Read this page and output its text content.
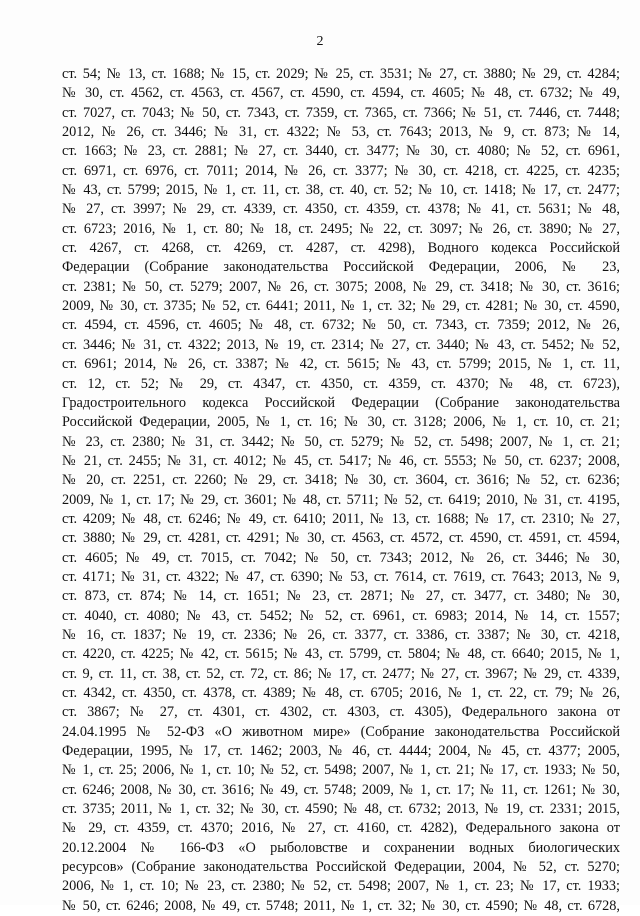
2
ст. 54; № 13, ст. 1688; № 15, ст. 2029; № 25, ст. 3531; № 27, ст. 3880; № 29, ст. 4284;
№ 30, ст. 4562, ст. 4563, ст. 4567, ст. 4590, ст. 4594, ст. 4605; № 48, ст. 6732; № 49,
ст. 7027, ст. 7043; № 50, ст. 7343, ст. 7359, ст. 7365, ст. 7366; № 51, ст. 7446, ст. 7448;
2012, № 26, ст. 3446; № 31, ст. 4322; № 53, ст. 7643; 2013, № 9, ст. 873; № 14,
ст. 1663; № 23, ст. 2881; № 27, ст. 3440, ст. 3477; № 30, ст. 4080; № 52, ст. 6961,
ст. 6971, ст. 6976, ст. 7011; 2014, № 26, ст. 3377; № 30, ст. 4218, ст. 4225, ст. 4235;
№ 43, ст. 5799; 2015, № 1, ст. 11, ст. 38, ст. 40, ст. 52; № 10, ст. 1418; № 17, ст. 2477;
№ 27, ст. 3997; № 29, ст. 4339, ст. 4350, ст. 4359, ст. 4378; № 41, ст. 5631; № 48,
ст. 6723; 2016, № 1, ст. 80; № 18, ст. 2495; № 22, ст. 3097; № 26, ст. 3890; № 27,
ст. 4267, ст. 4268, ст. 4269, ст. 4287, ст. 4298), Водного кодекса Российской
Федерации (Собрание законодательства Российской Федерации, 2006, № 23,
ст. 2381; № 50, ст. 5279; 2007, № 26, ст. 3075; 2008, № 29, ст. 3418; № 30, ст. 3616;
2009, № 30, ст. 3735; № 52, ст. 6441; 2011, № 1, ст. 32; № 29, ст. 4281; № 30, ст. 4590,
ст. 4594, ст. 4596, ст. 4605; № 48, ст. 6732; № 50, ст. 7343, ст. 7359; 2012, № 26,
ст. 3446; № 31, ст. 4322; 2013, № 19, ст. 2314; № 27, ст. 3440; № 43, ст. 5452; № 52,
ст. 6961; 2014, № 26, ст. 3387; № 42, ст. 5615; № 43, ст. 5799; 2015, № 1, ст. 11,
ст. 12, ст. 52; № 29, ст. 4347, ст. 4350, ст. 4359, ст. 4370; № 48, ст. 6723),
Градостроительного кодекса Российской Федерации (Собрание законодательства
Российской Федерации, 2005, № 1, ст. 16; № 30, ст. 3128; 2006, № 1, ст. 10, ст. 21;
№ 23, ст. 2380; № 31, ст. 3442; № 50, ст. 5279; № 52, ст. 5498; 2007, № 1, ст. 21;
№ 21, ст. 2455; № 31, ст. 4012; № 45, ст. 5417; № 46, ст. 5553; № 50, ст. 6237; 2008,
№ 20, ст. 2251, ст. 2260; № 29, ст. 3418; № 30, ст. 3604, ст. 3616; № 52, ст. 6236;
2009, № 1, ст. 17; № 29, ст. 3601; № 48, ст. 5711; № 52, ст. 6419; 2010, № 31, ст. 4195,
ст. 4209; № 48, ст. 6246; № 49, ст. 6410; 2011, № 13, ст. 1688; № 17, ст. 2310; № 27,
ст. 3880; № 29, ст. 4281, ст. 4291; № 30, ст. 4563, ст. 4572, ст. 4590, ст. 4591, ст. 4594,
ст. 4605; № 49, ст. 7015, ст. 7042; № 50, ст. 7343; 2012, № 26, ст. 3446; № 30,
ст. 4171; № 31, ст. 4322; № 47, ст. 6390; № 53, ст. 7614, ст. 7619, ст. 7643; 2013, № 9,
ст. 873, ст. 874; № 14, ст. 1651; № 23, ст. 2871; № 27, ст. 3477, ст. 3480; № 30,
ст. 4040, ст. 4080; № 43, ст. 5452; № 52, ст. 6961, ст. 6983; 2014, № 14, ст. 1557;
№ 16, ст. 1837; № 19, ст. 2336; № 26, ст. 3377, ст. 3386, ст. 3387; № 30, ст. 4218,
ст. 4220, ст. 4225; № 42, ст. 5615; № 43, ст. 5799, ст. 5804; № 48, ст. 6640; 2015, № 1,
ст. 9, ст. 11, ст. 38, ст. 52, ст. 72, ст. 86; № 17, ст. 2477; № 27, ст. 3967; № 29, ст. 4339,
ст. 4342, ст. 4350, ст. 4378, ст. 4389; № 48, ст. 6705; 2016, № 1, ст. 22, ст. 79; № 26,
ст. 3867; № 27, ст. 4301, ст. 4302, ст. 4303, ст. 4305), Федерального закона от
24.04.1995 № 52-ФЗ «О животном мире» (Собрание законодательства Российской
Федерации, 1995, № 17, ст. 1462; 2003, № 46, ст. 4444; 2004, № 45, ст. 4377; 2005,
№ 1, ст. 25; 2006, № 1, ст. 10; № 52, ст. 5498; 2007, № 1, ст. 21; № 17, ст. 1933; № 50,
ст. 6246; 2008, № 30, ст. 3616; № 49, ст. 5748; 2009, № 1, ст. 17; № 11, ст. 1261; № 30,
ст. 3735; 2011, № 1, ст. 32; № 30, ст. 4590; № 48, ст. 6732; 2013, № 19, ст. 2331; 2015,
№ 29, ст. 4359, ст. 4370; 2016, № 27, ст. 4160, ст. 4282), Федерального закона от
20.12.2004 № 166-ФЗ «О рыболовстве и сохранении водных биологических
ресурсов» (Собрание законодательства Российской Федерации, 2004, № 52, ст. 5270;
2006, № 1, ст. 10; № 23, ст. 2380; № 52, ст. 5498; 2007, № 1, ст. 23; № 17, ст. 1933;
№ 50, ст. 6246; 2008, № 49, ст. 5748; 2011, № 1, ст. 32; № 30, ст. 4590; № 48, ст. 6728,
